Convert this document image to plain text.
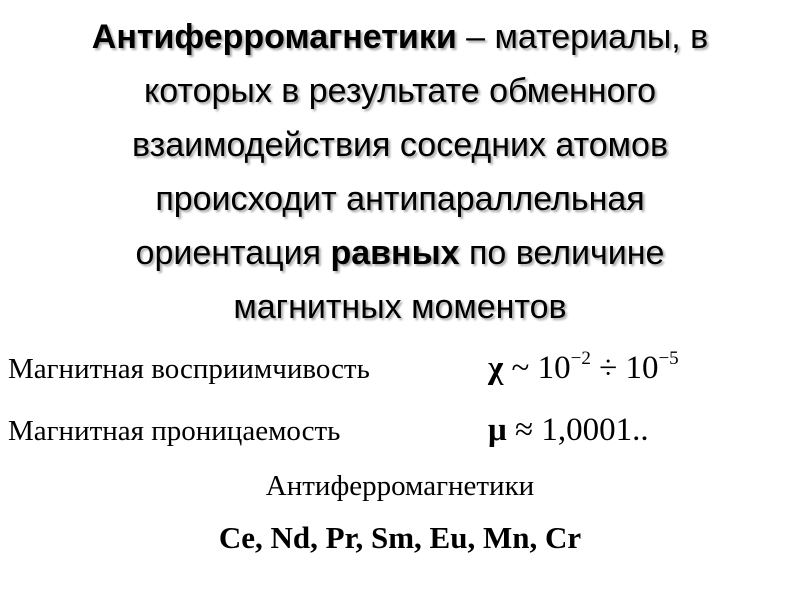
Антиферромагнетики – материалы, в
которых в результате обменного
взаимодействия соседних атомов
происходит антипараллельная
ориентация равных по величине
магнитных моментов
Магнитная восприимчивость	χ ~ $10^{-2} \div 10^{-5}$
Магнитная проницаемость	μ ≈ 1,0001..
Антиферромагнетики
Ce, Nd, Pr, Sm, Eu, Mn, Cr
